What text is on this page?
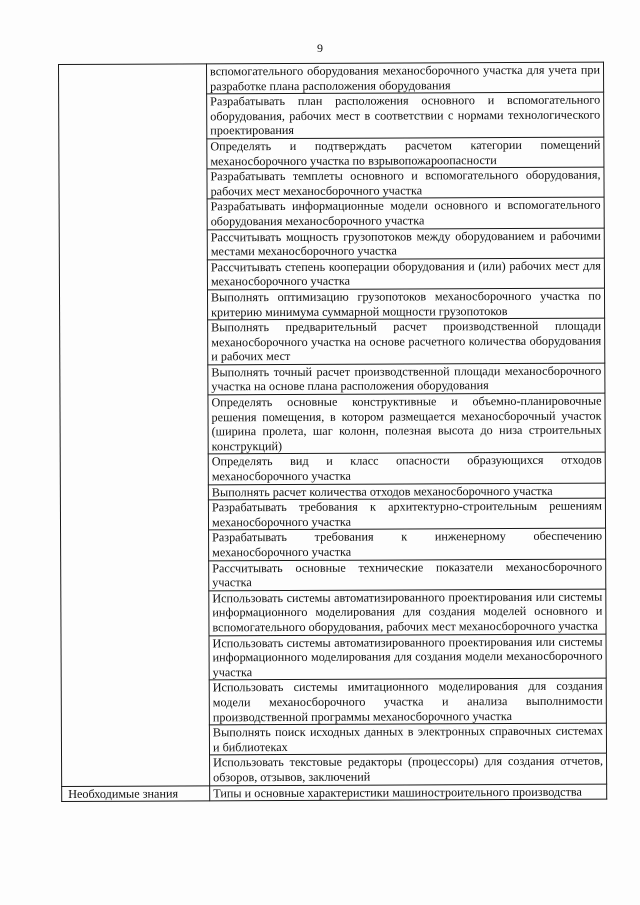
9
	вспомогательного оборудования механосборочного участка для учета при разработке плана расположения оборудования
	Разрабатывать план расположения основного и вспомогательного оборудования, рабочих мест в соответствии с нормами технологического проектирования
	Определять и подтверждать расчетом категории помещений механосборочного участка по взрывопожароопасности
	Разрабатывать темплеты основного и вспомогательного оборудования, рабочих мест механосборочного участка
	Разрабатывать информационные модели основного и вспомогательного оборудования механосборочного участка
	Рассчитывать мощность грузопотоков между оборудованием и рабочими местами механосборочного участка
	Рассчитывать степень кооперации оборудования и (или) рабочих мест для механосборочного участка
	Выполнять оптимизацию грузопотоков механосборочного участка по критерию минимума суммарной мощности грузопотоков
	Выполнять предварительный расчет производственной площади механосборочного участка на основе расчетного количества оборудования и рабочих мест
	Выполнять точный расчет производственной площади механосборочного участка на основе плана расположения оборудования
	Определять основные конструктивные и объемно-планировочные решения помещения, в котором размещается механосборочный участок (ширина пролета, шаг колонн, полезная высота до низа строительных конструкций)
	Определять вид и класс опасности образующихся отходов механосборочного участка
	Выполнять расчет количества отходов механосборочного участка
	Разрабатывать требования к архитектурно-строительным решениям механосборочного участка
	Разрабатывать требования к инженерному обеспечению механосборочного участка
	Рассчитывать основные технические показатели механосборочного участка
	Использовать системы автоматизированного проектирования или системы информационного моделирования для создания моделей основного и вспомогательного оборудования, рабочих мест механосборочного участка
	Использовать системы автоматизированного проектирования или системы информационного моделирования для создания модели механосборочного участка
	Использовать системы имитационного моделирования для создания модели механосборочного участка и анализа выполнимости производственной программы механосборочного участка
	Выполнять поиск исходных данных в электронных справочных системах и библиотеках
	Использовать текстовые редакторы (процессоры) для создания отчетов, обзоров, отзывов, заключений
Необходимые знания	Типы и основные характеристики машиностроительного производства
